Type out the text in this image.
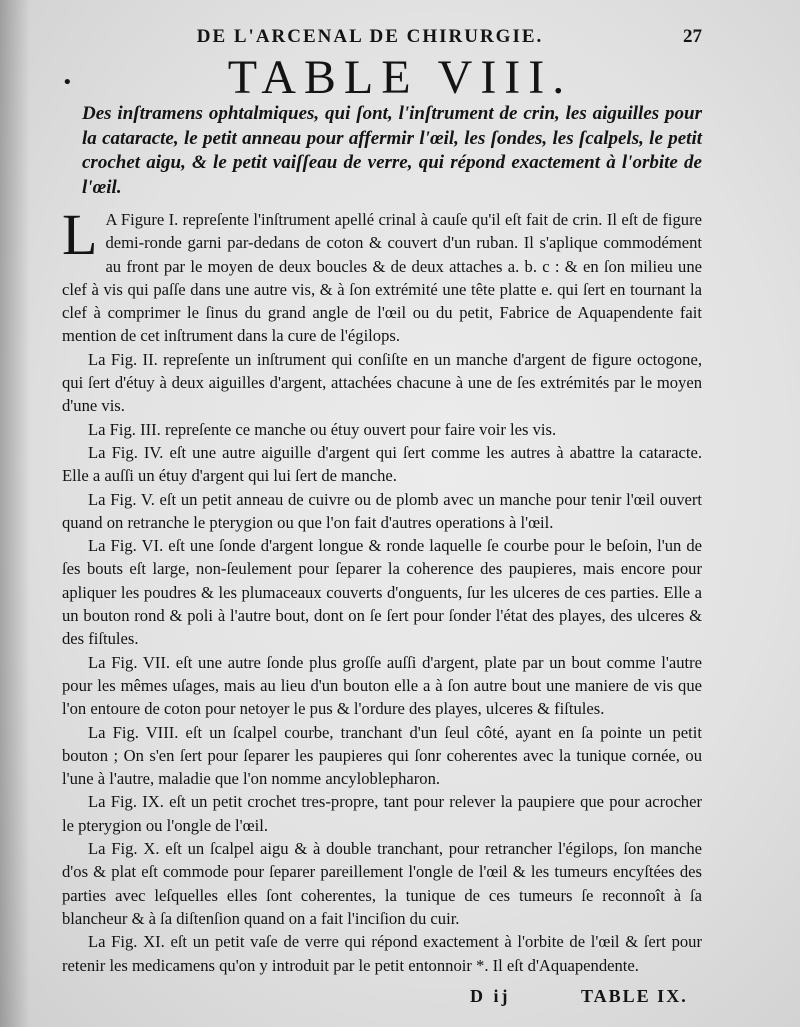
DE L'ARCENAL DE CHIRURGIE.	27
•	TABLE VIII.
Des inſtramens ophtalmiques, qui ſont, l'inſtrument de crin, les aiguilles pour la cataracte, le petit anneau pour affermir l'œil, les ſondes, les ſcalpels, le petit crochet aigu, & le petit vaiſſeau de verre, qui répond exactement à l'orbite de l'œil.

L A Figure I. repreſente l'inſtrument apellé crinal à cauſe qu'il eſt fait de crin. Il eſt de figure demi-ronde garni par-dedans de coton & couvert d'un ruban. Il s'aplique commodément au front par le moyen de deux boucles & de deux attaches a. b. c : & en ſon milieu une clef à vis qui paſſe dans une autre vis, & à ſon extrémité une tête platte e. qui ſert en tournant la clef à comprimer le ſinus du grand angle de l'œil ou du petit, Fabrice de Aquapendente fait mention de cet inſtrument dans la cure de l'égilops.

La Fig. II. repreſente un inſtrument qui conſiſte en un manche d'argent de figure octogone, qui ſert d'étuy à deux aiguilles d'argent, attachées chacune à une de ſes extrémités par le moyen d'une vis.

La Fig. III. repreſente ce manche ou étuy ouvert pour faire voir les vis.

La Fig. IV. eſt une autre aiguille d'argent qui ſert comme les autres à abattre la cataracte. Elle a auſſi un étuy d'argent qui lui ſert de manche.

La Fig. V. eſt un petit anneau de cuivre ou de plomb avec un manche pour tenir l'œil ouvert quand on retranche le pterygion ou que l'on fait d'autres operations à l'œil.

La Fig. VI. eſt une ſonde d'argent longue & ronde laquelle ſe courbe pour le beſoin, l'un de ſes bouts eſt large, non-ſeulement pour ſeparer la coherence des paupieres, mais encore pour apliquer les poudres & les plumaceaux couverts d'onguents, ſur les ulceres de ces parties. Elle a un bouton rond & poli à l'autre bout, dont on ſe ſert pour ſonder l'état des playes, des ulceres & des fiſtules.

La Fig. VII. eſt une autre ſonde plus groſſe auſſi d'argent, plate par un bout comme l'autre pour les mêmes uſages, mais au lieu d'un bouton elle a à ſon autre bout une maniere de vis que l'on entoure de coton pour netoyer le pus & l'ordure des playes, ulceres & fiſtules.

La Fig. VIII. eſt un ſcalpel courbe, tranchant d'un ſeul côté, ayant en ſa pointe un petit bouton ; On s'en ſert pour ſeparer les paupieres qui ſonr coherentes avec la tunique cornée, ou l'une à l'autre, maladie que l'on nomme ancyloblepharon.

La Fig. IX. eſt un petit crochet tres-propre, tant pour relever la paupiere que pour acrocher le pterygion ou l'ongle de l'œil.

La Fig. X. eſt un ſcalpel aigu & à double tranchant, pour retrancher l'égilops, ſon manche d'os & plat eſt commode pour ſeparer pareillement l'ongle de l'œil & les tumeurs encyſtées des parties avec leſquelles elles ſont coherentes, la tunique de ces tumeurs ſe reconnoît à ſa blancheur & à ſa diſtenſion quand on a fait l'inciſion du cuir.

La Fig. XI. eſt un petit vaſe de verre qui répond exactement à l'orbite de l'œil & ſert pour retenir les medicamens qu'on y introduit par le petit entonnoir *. Il eſt d'Aquapendente.

D ij	TABLE IX.
